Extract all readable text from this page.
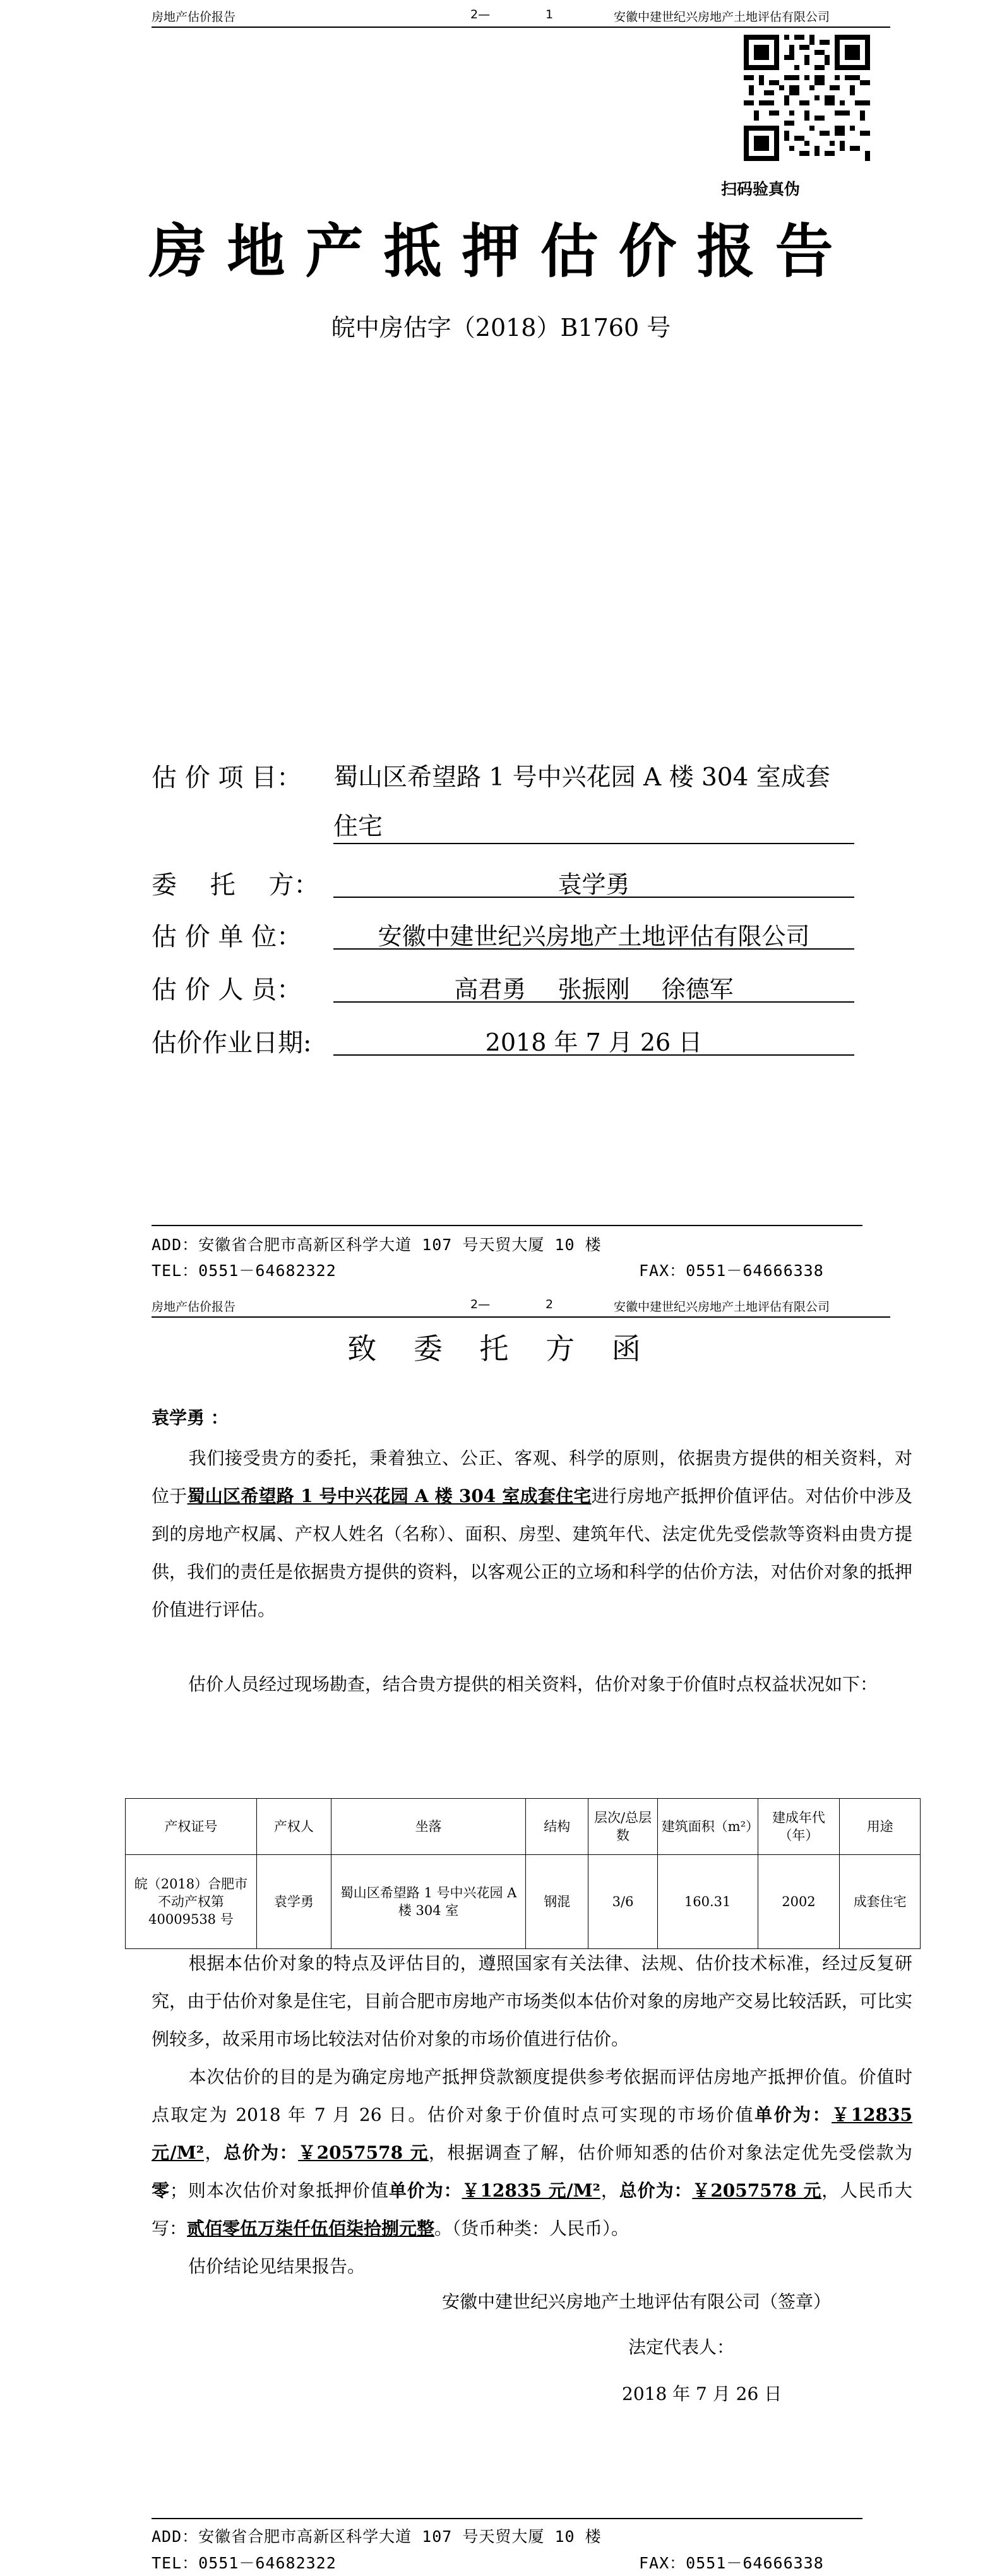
房地产估价报告	2—	1	安徽中建世纪兴房地产土地评估有限公司
扫码验真伪
房地产抵押估价报告
皖中房估字（2018）B1760 号
估 价 项 目： 蜀山区希望路 1 号中兴花园 A 楼 304 室成套
住宅
委　 托　 方：	袁学勇
估 价 单 位：	安徽中建世纪兴房地产土地评估有限公司
估 价 人 员：	高君勇　 张振刚　 徐德军
估价作业日期:	2018 年 7 月 26 日
ADD：安徽省合肥市高新区科学大道 107 号天贸大厦 10 楼
TEL：0551－64682322	FAX：0551－64666338
房地产估价报告	2—	2	安徽中建世纪兴房地产土地评估有限公司
致 委 托 方 函
袁学勇 ：
我们接受贵方的委托，秉着独立、公正、客观、科学的原则，依据贵方提供的相关资料，对位于蜀山区希望路 1 号中兴花园 A 楼 304 室成套住宅进行房地产抵押价值评估。对估价中涉及到的房地产权属、产权人姓名（名称）、面积、房型、建筑年代、法定优先受偿款等资料由贵方提供，我们的责任是依据贵方提供的资料，以客观公正的立场和科学的估价方法，对估价对象的抵押价值进行评估。
估价人员经过现场勘查，结合贵方提供的相关资料，估价对象于价值时点权益状况如下：
产权证号	产权人	坐落	结构	层次/总层数	建筑面积（m²）	建成年代（年）	用途
皖（2018）合肥市不动产权第40009538 号	袁学勇	蜀山区希望路 1 号中兴花园 A 楼 304 室	钢混	3/6	160.31	2002	成套住宅
根据本估价对象的特点及评估目的，遵照国家有关法律、法规、估价技术标准，经过反复研究，由于估价对象是住宅，目前合肥市房地产市场类似本估价对象的房地产交易比较活跃，可比实例较多，故采用市场比较法对估价对象的市场价值进行估价。
本次估价的目的是为确定房地产抵押贷款额度提供参考依据而评估房地产抵押价值。价值时点取定为 2018 年 7 月 26 日。估价对象于价值时点可实现的市场价值单价为：￥12835 元/M²，总价为：￥2057578 元，根据调查了解，估价师知悉的估价对象法定优先受偿款为零；则本次估价对象抵押价值单价为：￥12835 元/M²，总价为：￥2057578 元，人民币大写：贰佰零伍万柒仟伍佰柒拾捌元整。（货币种类：人民币）。
估价结论见结果报告。
安徽中建世纪兴房地产土地评估有限公司（签章）
法定代表人：
2018 年 7 月 26 日
ADD：安徽省合肥市高新区科学大道 107 号天贸大厦 10 楼
TEL：0551－64682322	FAX：0551－64666338
